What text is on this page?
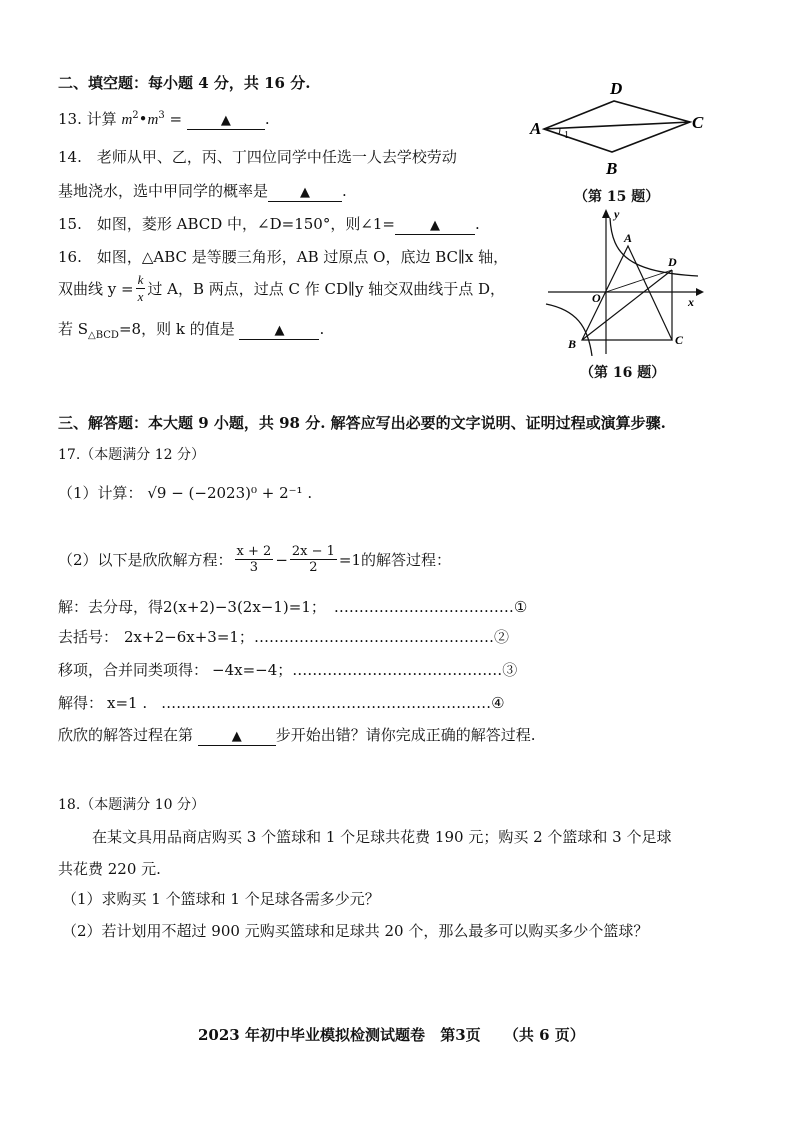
二、填空题：每小题 4 分，共 16 分.
13. 计算 $m^2•m^3$ =	▲ .
14.　老师从甲、乙，丙、丁四位同学中任选一人去学校劳动
基地浇水，选中甲同学的概率是 ▲ .
15.　如图，菱形 ABCD 中，∠D=150°，则∠1=	▲ .
16.　如图，△ABC 是等腰三角形，AB 过原点 O，底边 BC∥x 轴，
双曲线 $y = \frac{k}{x}$ 过 A，B 两点，过点 C 作 CD∥y 轴交双曲线于点 D，
若 $S_{\triangle BCD}=8$，则 k 的值是	▲ .
A
D
C
B
1
（第 15 题）
A
B	C
D
O	x
y
（第 16 题）
三、解答题：本大题 9 小题，共 98 分. 解答应写出必要的文字说明、证明过程或演算步骤.
17.（本题满分 12 分）
（1）计算： √9 − (−2023)⁰ + 2⁻¹ .
（2）以下是欣欣解方程： $\frac{x + 2}{3} - \frac{2x - 1}{2} =1$的解答过程：
解：去分母，得2(x+2)−3(2x−1)=1； ………………………………①
去括号： 2x+2−6x+3=1；…………………………………………②
移项，合并同类项得： −4x=−4；……………………………………③
解得： x=1 . …………………………………………………………④
欣欣的解答过程在第	▲ 步开始出错？请你完成正确的解答过程.
18.（本题满分 10 分）
在某文具用品商店购买 3 个篮球和 1 个足球共花费 190 元；购买 2 个篮球和 3 个足球
共花费 220 元.
（1）求购买 1 个篮球和 1 个足球各需多少元？
（2）若计划用不超过 900 元购买篮球和足球共 20 个，那么最多可以购买多少个篮球？
2023 年初中毕业模拟检测试题卷 第3页 （共 6 页）
